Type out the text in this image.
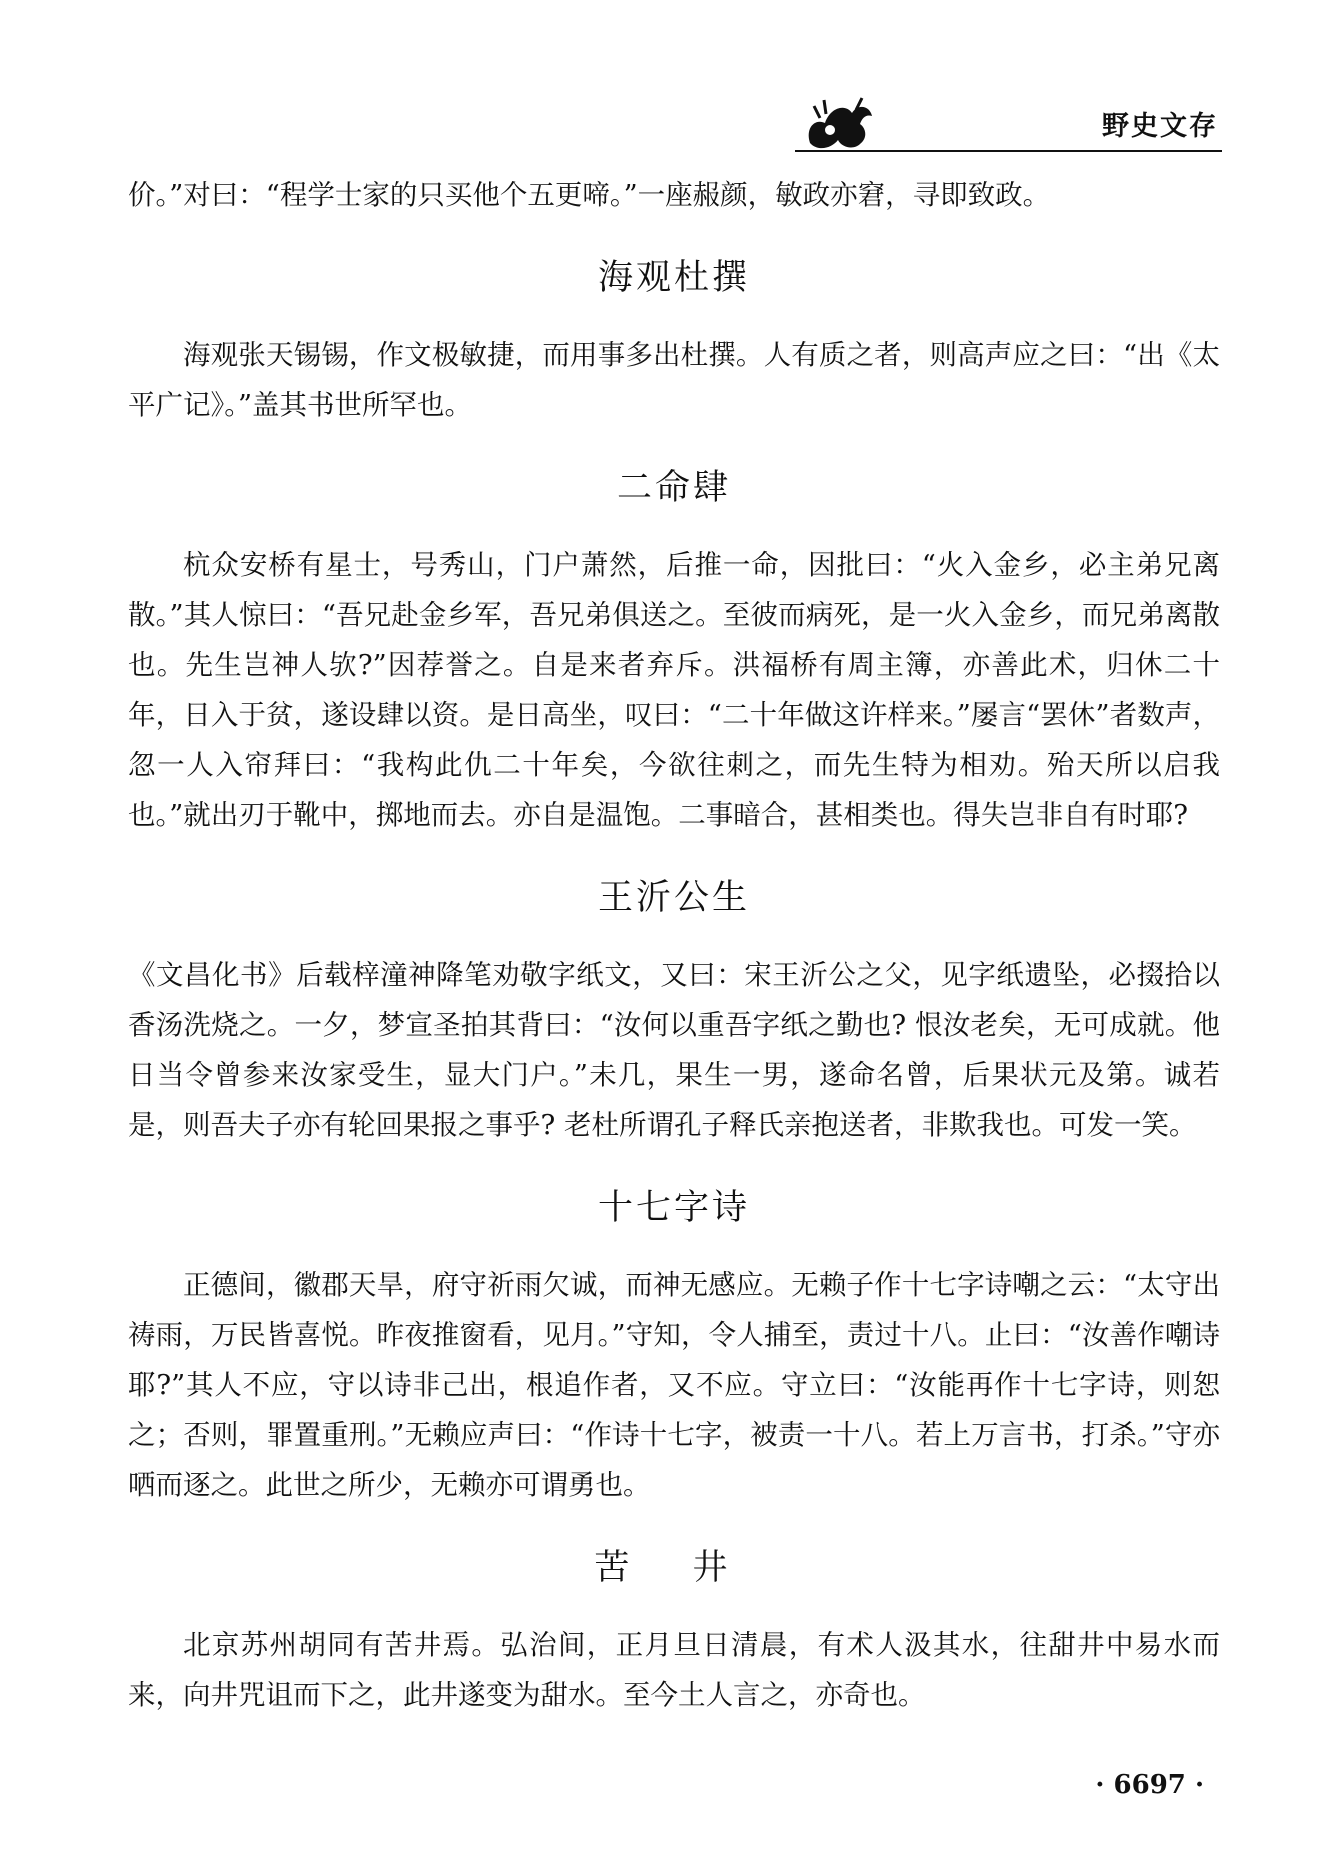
野史文存

价。”对曰：“程学士家的只买他个五更啼。”一座赧颜，敏政亦窘，寻即致政。

海观杜撰

海观张天锡锡，作文极敏捷，而用事多出杜撰。人有质之者，则高声应之曰：“出《太平广记》。”盖其书世所罕也。

二命肆

杭众安桥有星士，号秀山，门户萧然，后推一命，因批曰：“火入金乡，必主弟兄离散。”其人惊曰：“吾兄赴金乡军，吾兄弟俱送之。至彼而病死，是一火入金乡，而兄弟离散也。先生岂神人欤?”因荐誉之。自是来者弃斥。洪福桥有周主簿，亦善此术，归休二十年，日入于贫，遂设肆以资。是日高坐，叹曰：“二十年做这许样来。”屡言“罢休”者数声，忽一人入帘拜曰：“我构此仇二十年矣，今欲往刺之，而先生特为相劝。殆天所以启我也。”就出刃于靴中，掷地而去。亦自是温饱。二事暗合，甚相类也。得失岂非自有时耶?

王沂公生

《文昌化书》后载梓潼神降笔劝敬字纸文，又曰：宋王沂公之父，见字纸遗坠，必掇拾以香汤洗烧之。一夕，梦宣圣拍其背曰：“汝何以重吾字纸之勤也? 恨汝老矣，无可成就。他日当令曾参来汝家受生，显大门户。”未几，果生一男，遂命名曾，后果状元及第。诚若是，则吾夫子亦有轮回果报之事乎? 老杜所谓孔子释氏亲抱送者，非欺我也。可发一笑。

十七字诗

正德间，徽郡天旱，府守祈雨欠诚，而神无感应。无赖子作十七字诗嘲之云：“太守出祷雨，万民皆喜悦。昨夜推窗看，见月。”守知，令人捕至，责过十八。止曰：“汝善作嘲诗耶?”其人不应，守以诗非己出，根追作者，又不应。守立曰：“汝能再作十七字诗，则恕之；否则，罪置重刑。”无赖应声曰：“作诗十七字，被责一十八。若上万言书，打杀。”守亦哂而逐之。此世之所少，无赖亦可谓勇也。

苦 井

北京苏州胡同有苦井焉。弘治间，正月旦日清晨，有术人汲其水，往甜井中易水而来，向井咒诅而下之，此井遂变为甜水。至今土人言之，亦奇也。

· 6697 ·
